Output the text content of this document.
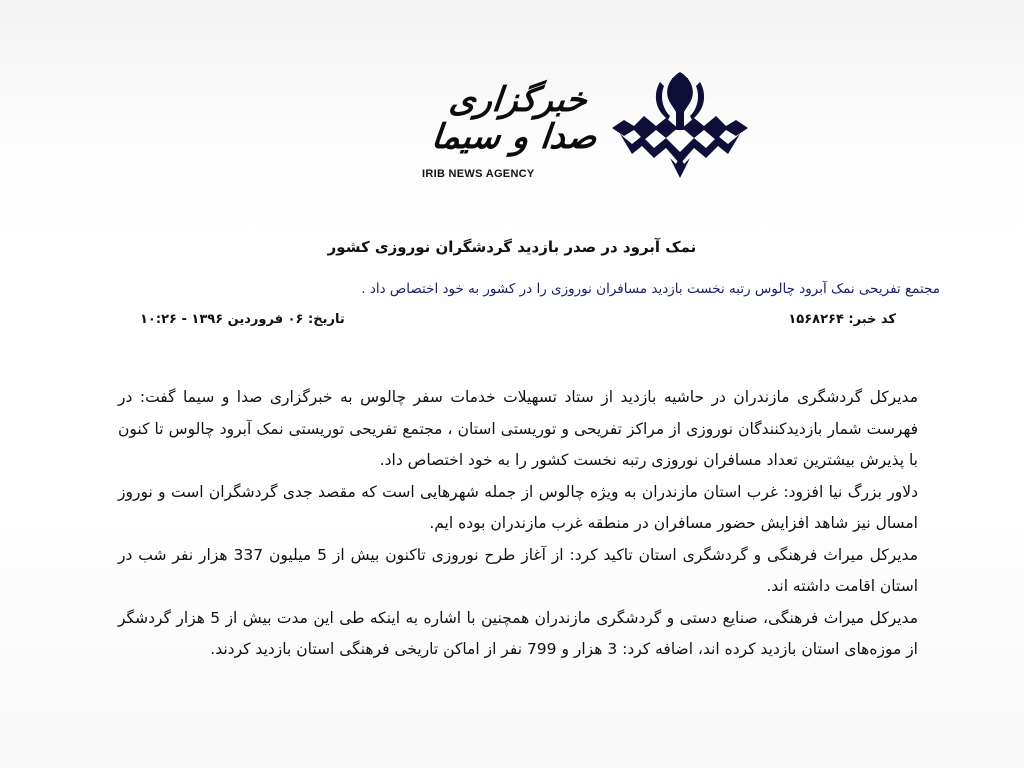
خبرگزاری صدا و سیما
IRIB NEWS AGENCY
نمک آبرود در صدر بازدید گردشگران نوروزی کشور
مجتمع تفریحی نمک آبرود چالوس رتبه نخست بازدید مسافران نوروزی را در کشور به خود اختصاص داد .
کد خبر: ۱۵۶۸۲۶۴
تاریخ: ۰۶ فروردین ۱۳۹۶ - ۱۰:۲۶

مدیرکل گردشگری مازندران در حاشیه بازدید از ستاد تسهیلات خدمات سفر چالوس به خبرگزاری صدا و سیما گفت: در فهرست شمار بازدیدکنندگان نوروزی از مراکز تفریحی و توریستی استان ، مجتمع تفریحی توریستی نمک آبرود چالوس تا کنون با پذیرش بیشترین تعداد مسافران نوروزی رتبه نخست کشور را به خود اختصاص داد.

دلاور بزرگ نیا افزود: غرب استان مازندران به ویژه چالوس از جمله شهرهایی است که مقصد جدی گردشگران است و نوروز امسال نیز شاهد افزایش حضور مسافران در منطقه غرب مازندران بوده ایم.

مدیرکل میراث فرهنگی و گردشگری استان تاکید کرد: از آغاز طرح نوروزی تاکنون بیش از 5 میلیون 337 هزار نفر شب در استان اقامت داشته اند.

مدیرکل میراث فرهنگی، صنایع دستی و گردشگری مازندران همچنین با اشاره به اینکه طی این مدت بیش از 5 هزار گردشگر از موزه‌های استان بازدید کرده اند، اضافه کرد: 3 هزار و 799 نفر از اماکن تاریخی فرهنگی استان بازدید کردند.
